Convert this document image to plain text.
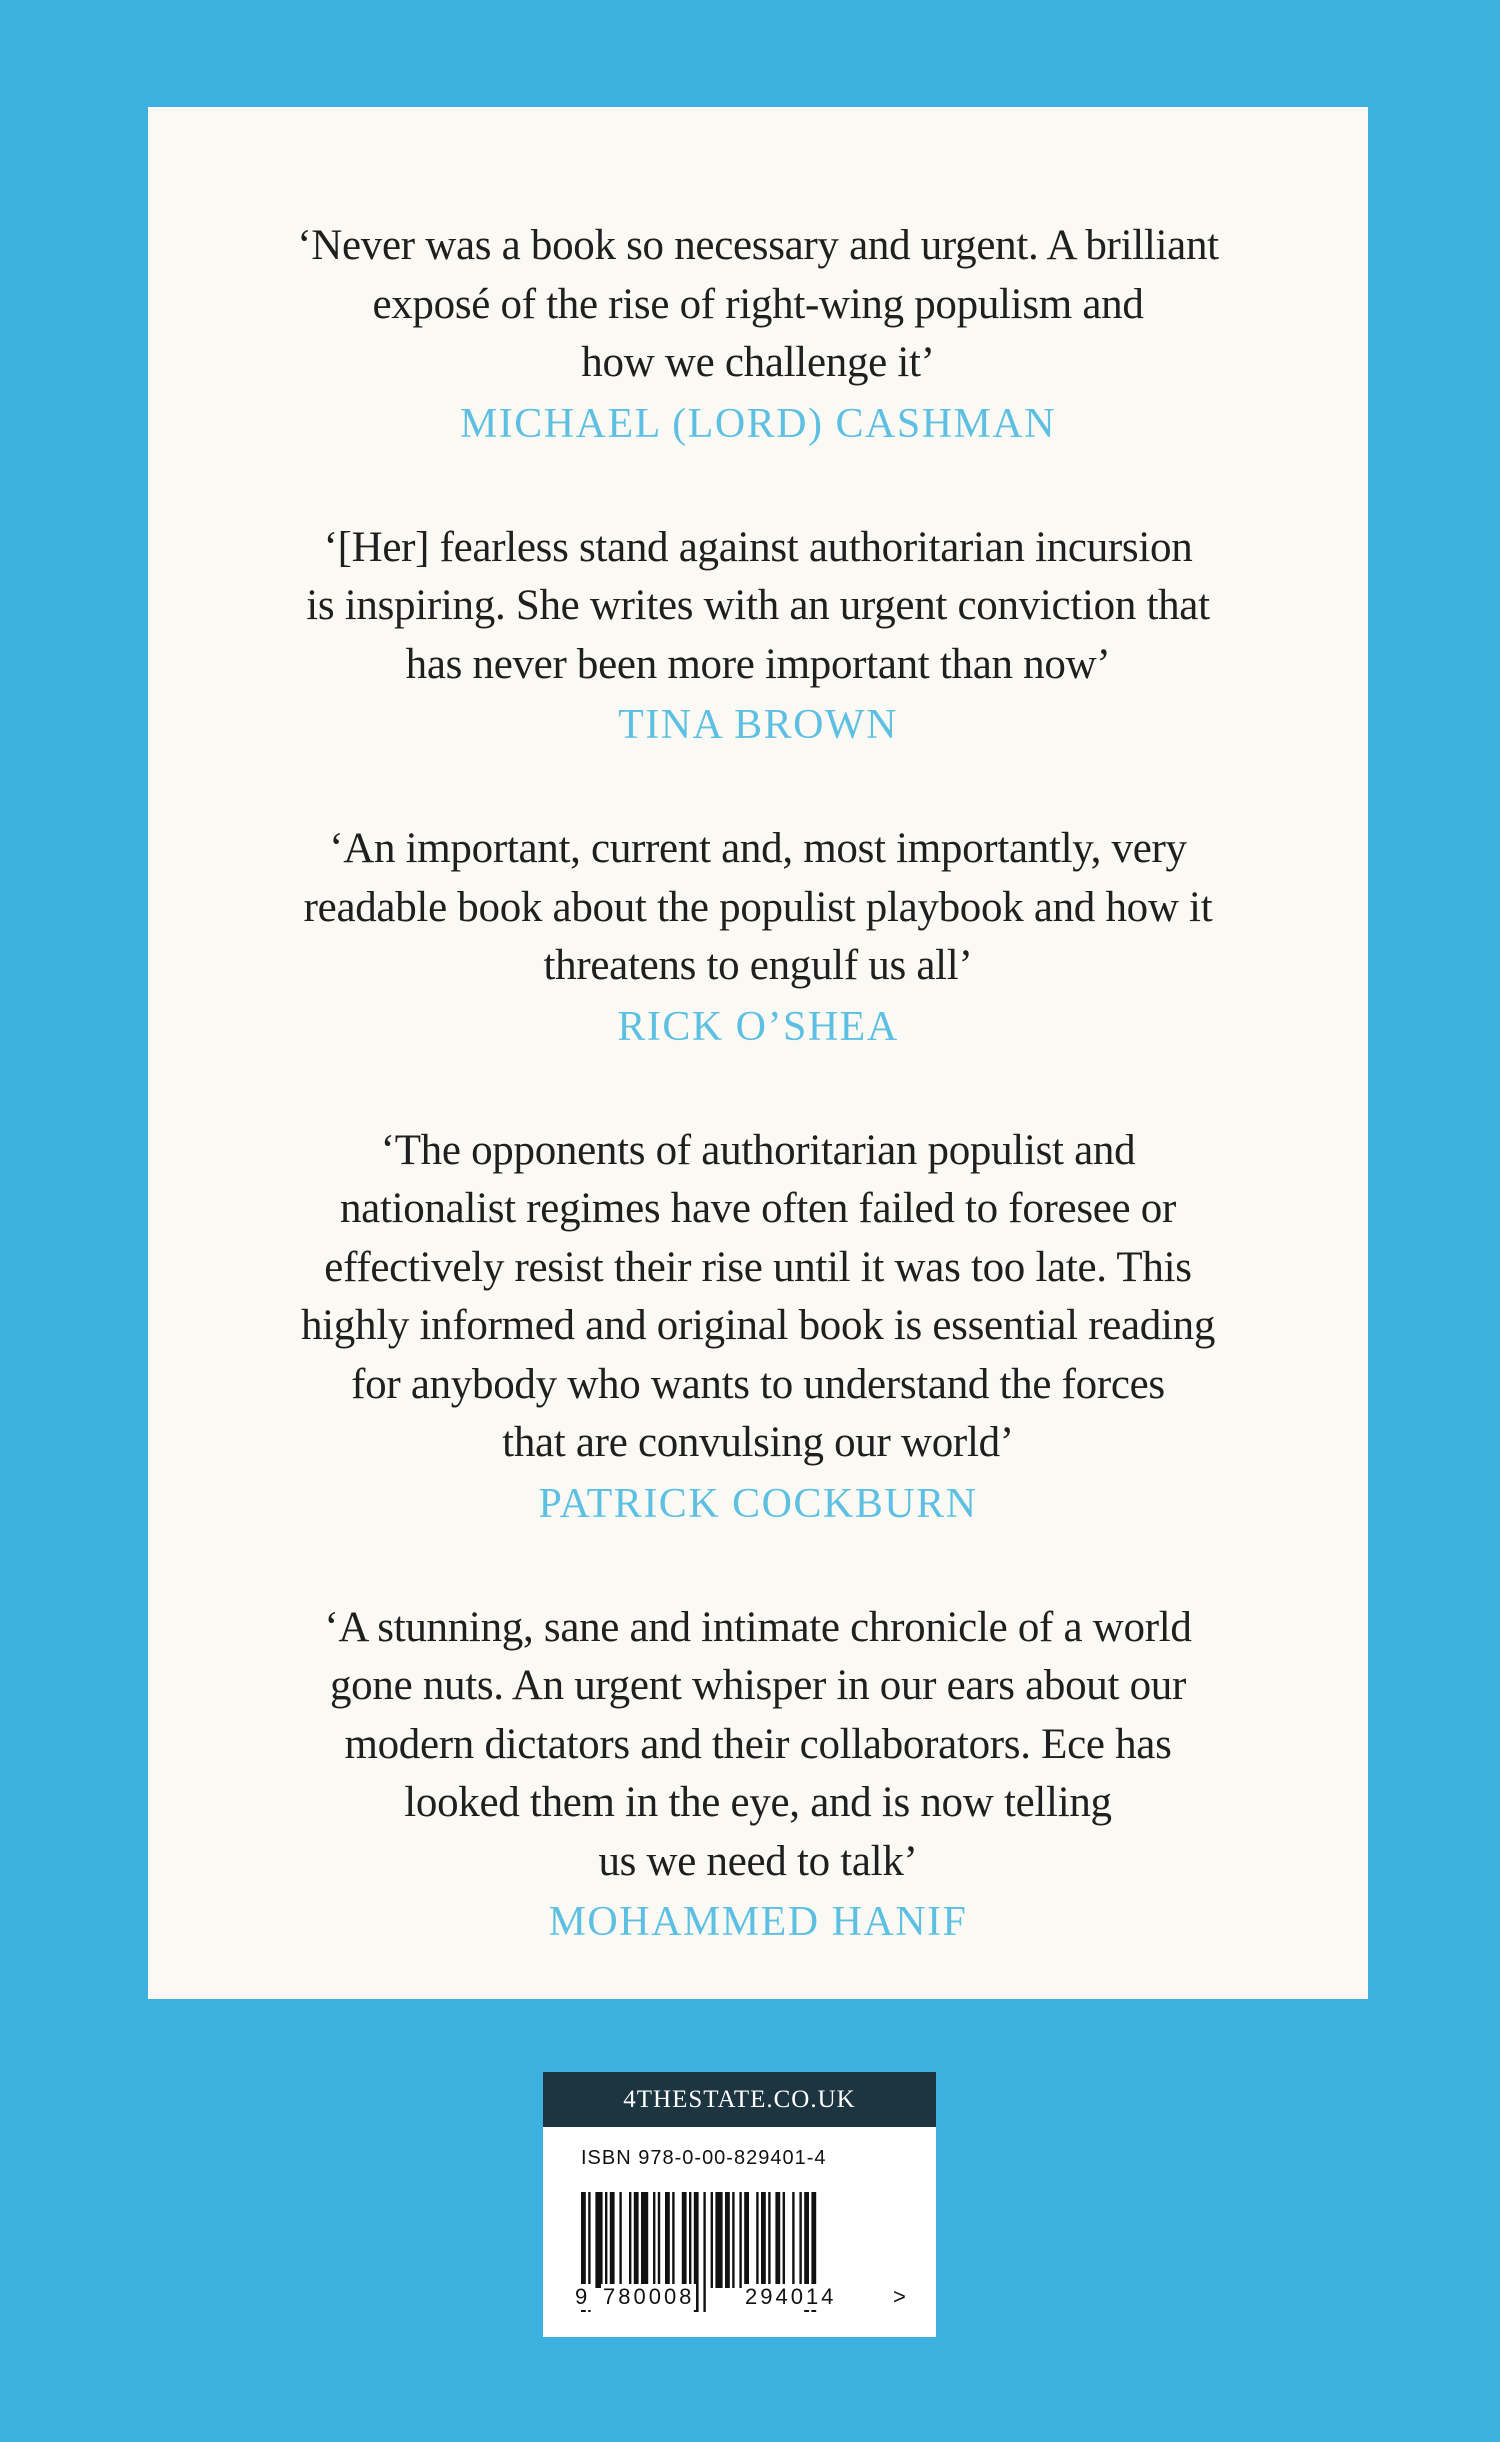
‘Never was a book so necessary and urgent. A brilliant
exposé of the rise of right-wing populism and
how we challenge it’
MICHAEL (LORD) CASHMAN
‘[Her] fearless stand against authoritarian incursion
is inspiring. She writes with an urgent conviction that
has never been more important than now’
TINA BROWN
‘An important, current and, most importantly, very
readable book about the populist playbook and how it
threatens to engulf us all’
RICK O’SHEA
‘The opponents of authoritarian populist and
nationalist regimes have often failed to foresee or
effectively resist their rise until it was too late. This
highly informed and original book is essential reading
for anybody who wants to understand the forces
that are convulsing our world’
PATRICK COCKBURN
‘A stunning, sane and intimate chronicle of a world
gone nuts. An urgent whisper in our ears about our
modern dictators and their collaborators. Ece has
looked them in the eye, and is now telling
us we need to talk’
MOHAMMED HANIF
4THESTATE.CO.UK
ISBN 978-0-00-829401-4
9 780008 294014	>
